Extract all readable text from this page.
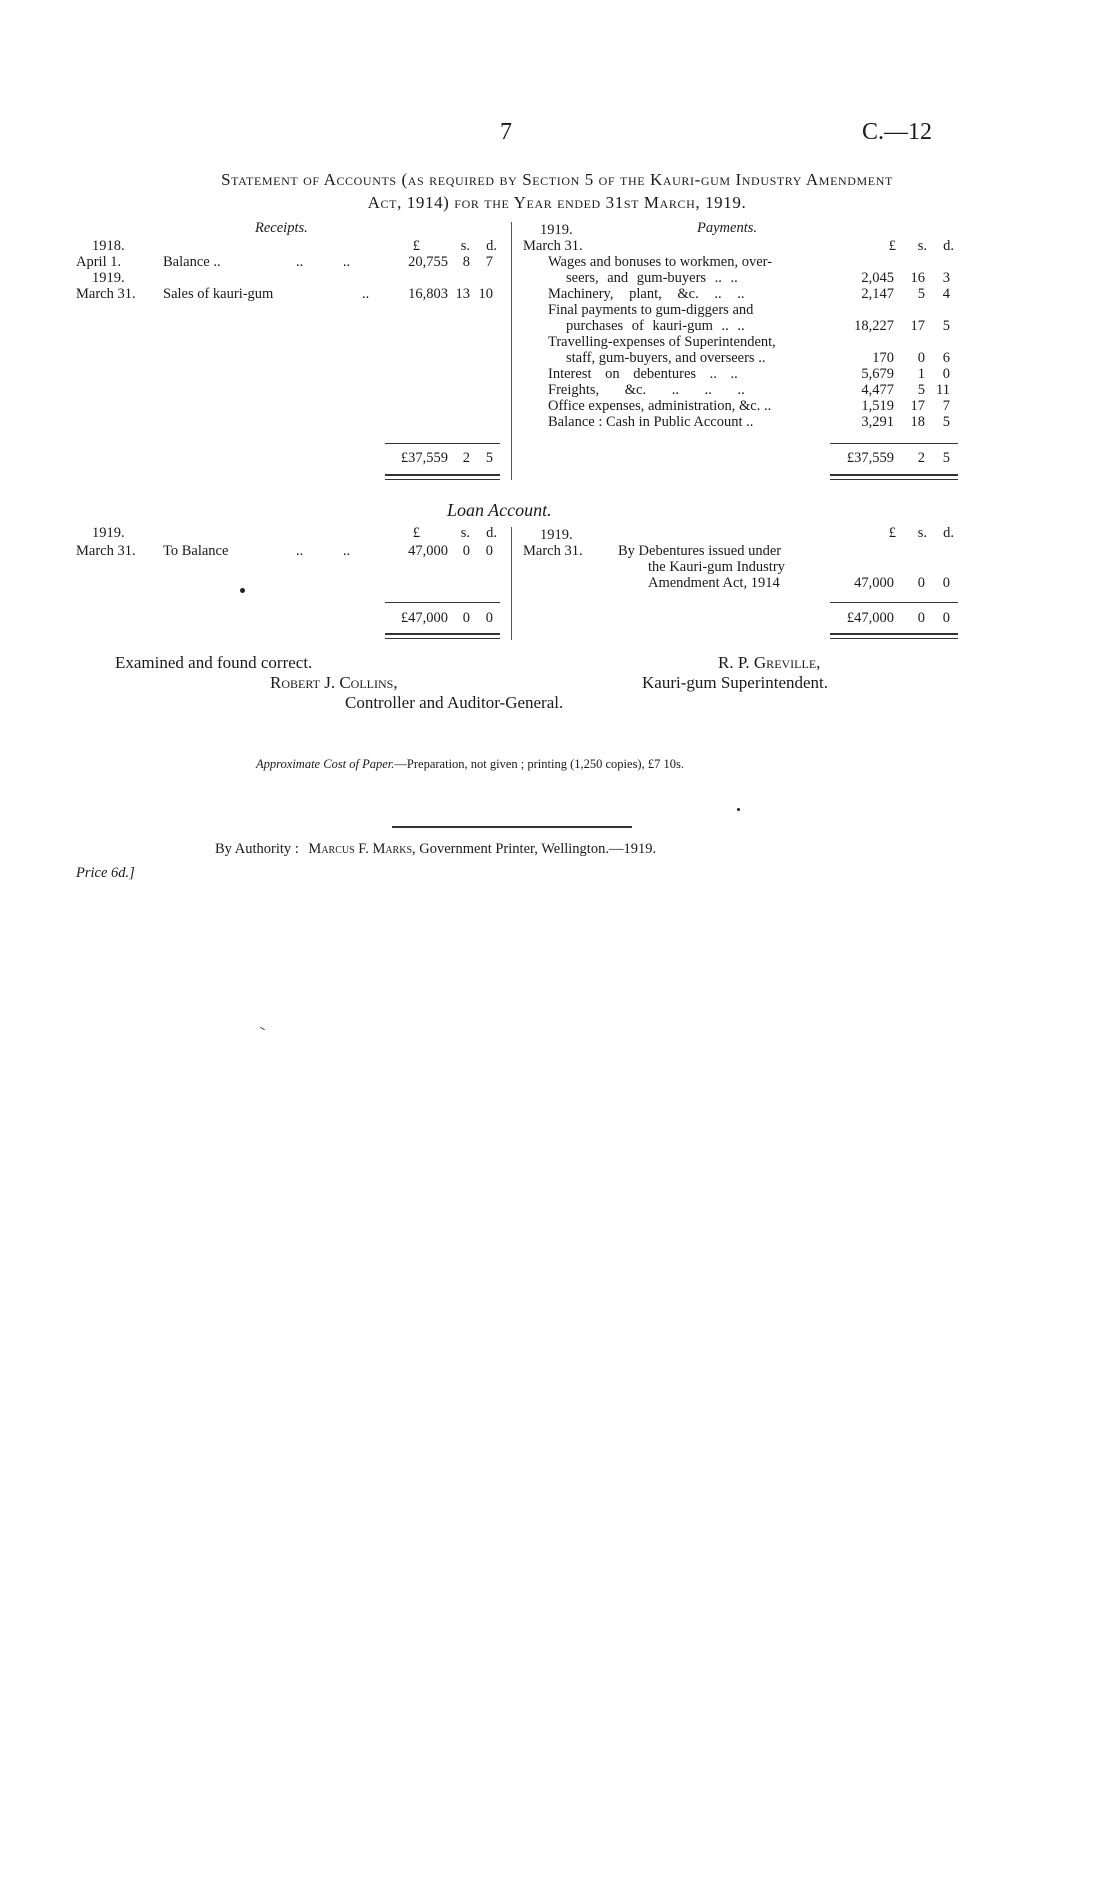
7	C.—12
Statement of Accounts (as required by Section 5 of the Kauri-gum Industry Amendment
Act, 1914) for the Year ended 31st March, 1919.
Receipts.
£	s.	d.
1918.
April 1.	Balance ..	.. ..	20,755	8	7
1919.
March 31. Sales of kauri-gum	..	16,803 13 10
£37,559	2	5
1919.	Payments.
March 31.	£	s.	d.
Wages and bonuses to workmen, over-
seers, and gum-buyers .. ..	2,045	16	3
Machinery, plant, &c. .. ..	2,147	5	4
Final payments to gum-diggers and
purchases of kauri-gum .. ..	18,227	17	5
Travelling-expenses of Superintendent,
staff, gum-buyers, and overseers ..	170	0	6
Interest on debentures .. ..	5,679	1	0
Freights, &c. .. .. ..	4,477	5 11
Office expenses, administration, &c. ..	1,519	17	7
Balance : Cash in Public Account ..	3,291	18	5
£37,559	2	5
Loan Account.
1919.	£	s.	d.
March 31. To Balance	.. ..	47,000	0	0
£47,000	0	0
1919.	£	s.	d.
March 31. By Debentures issued under
the Kauri-gum Industry
Amendment Act, 1914	47,000	0	0
£47,000	0	0
Examined and found correct.
Robert J. Collins,
Controller and Auditor-General.
R. P. Greville,
Kauri-gum Superintendent.
Approximate Cost of Paper.—Preparation, not given ; printing (1,250 copies), £7 10s.
By Authority : Marcus F. Marks, Government Printer, Wellington.—1919.
Price 6d.]
